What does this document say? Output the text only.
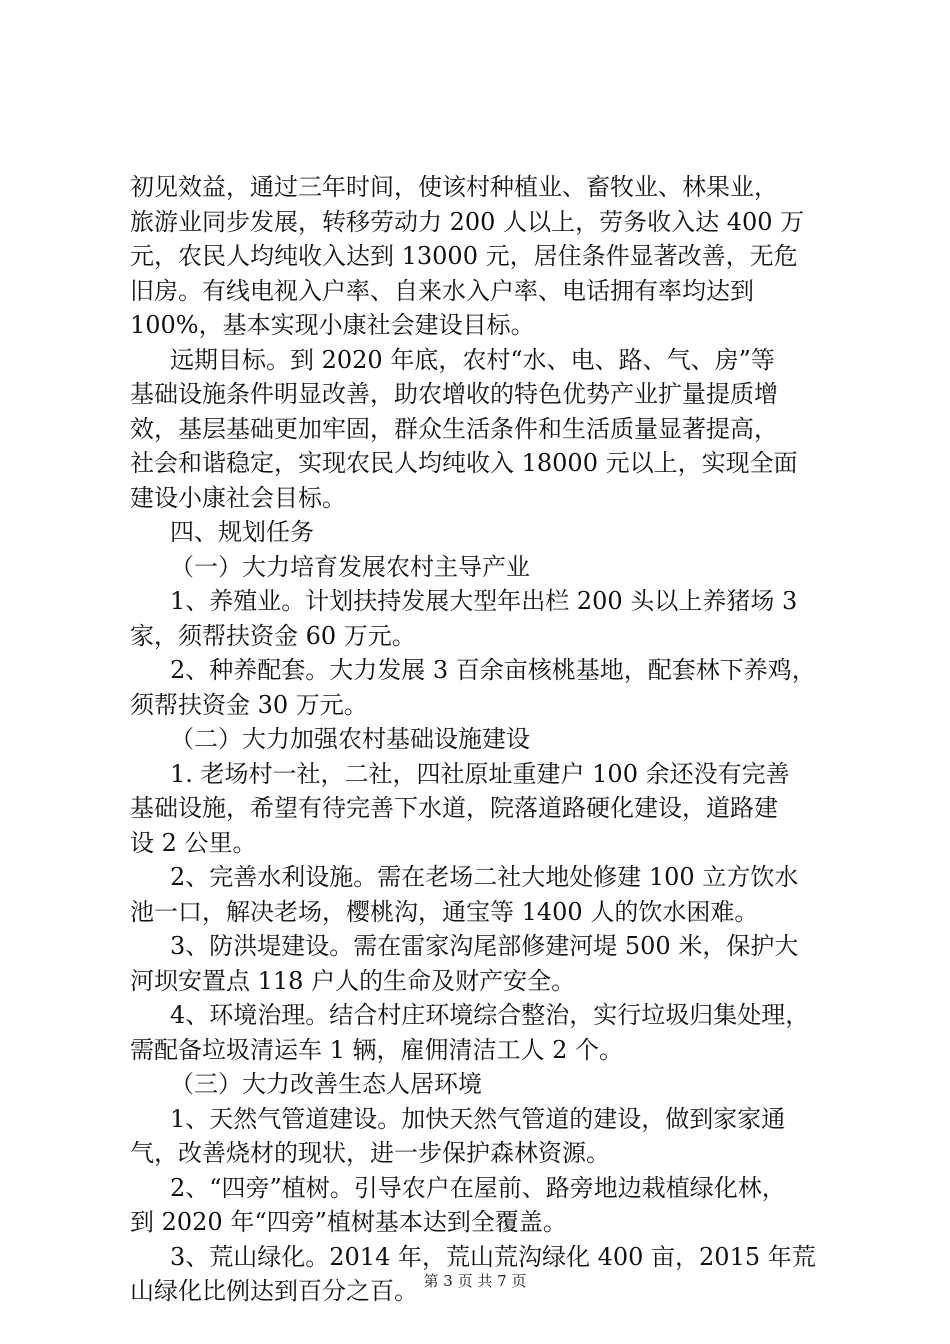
初见效益，通过三年时间，使该村种植业、畜牧业、林果业，
旅游业同步发展，转移劳动力 200 人以上，劳务收入达 400 万
元，农民人均纯收入达到 13000 元，居住条件显著改善，无危
旧房。有线电视入户率、自来水入户率、电话拥有率均达到
100%，基本实现小康社会建设目标。

远期目标。到 2020 年底，农村“水、电、路、气、房”等
基础设施条件明显改善，助农增收的特色优势产业扩量提质增
效，基层基础更加牢固，群众生活条件和生活质量显著提高，
社会和谐稳定，实现农民人均纯收入 18000 元以上，实现全面
建设小康社会目标。

四、规划任务

（一）大力培育发展农村主导产业

1、养殖业。计划扶持发展大型年出栏 200 头以上养猪场 3
家，须帮扶资金 60 万元。

2、种养配套。大力发展 3 百余亩核桃基地，配套林下养鸡，
须帮扶资金 30 万元。

（二）大力加强农村基础设施建设

1. 老场村一社，二社，四社原址重建户 100 余还没有完善
基础设施，希望有待完善下水道，院落道路硬化建设，道路建
设 2 公里。

2、完善水利设施。需在老场二社大地处修建 100 立方饮水
池一口，解决老场，樱桃沟，通宝等 1400 人的饮水困难。

3、防洪堤建设。需在雷家沟尾部修建河堤 500 米，保护大
河坝安置点 118 户人的生命及财产安全。

4、环境治理。结合村庄环境综合整治，实行垃圾归集处理，
需配备垃圾清运车 1 辆，雇佣清洁工人 2 个。

（三）大力改善生态人居环境

1、天然气管道建设。加快天然气管道的建设，做到家家通
气，改善烧材的现状，进一步保护森林资源。

2、“四旁”植树。引导农户在屋前、路旁地边栽植绿化林，
到 2020 年“四旁”植树基本达到全覆盖。

3、荒山绿化。2014 年，荒山荒沟绿化 400 亩，2015 年荒
山绿化比例达到百分之百。 第 3 页 共 7 页
